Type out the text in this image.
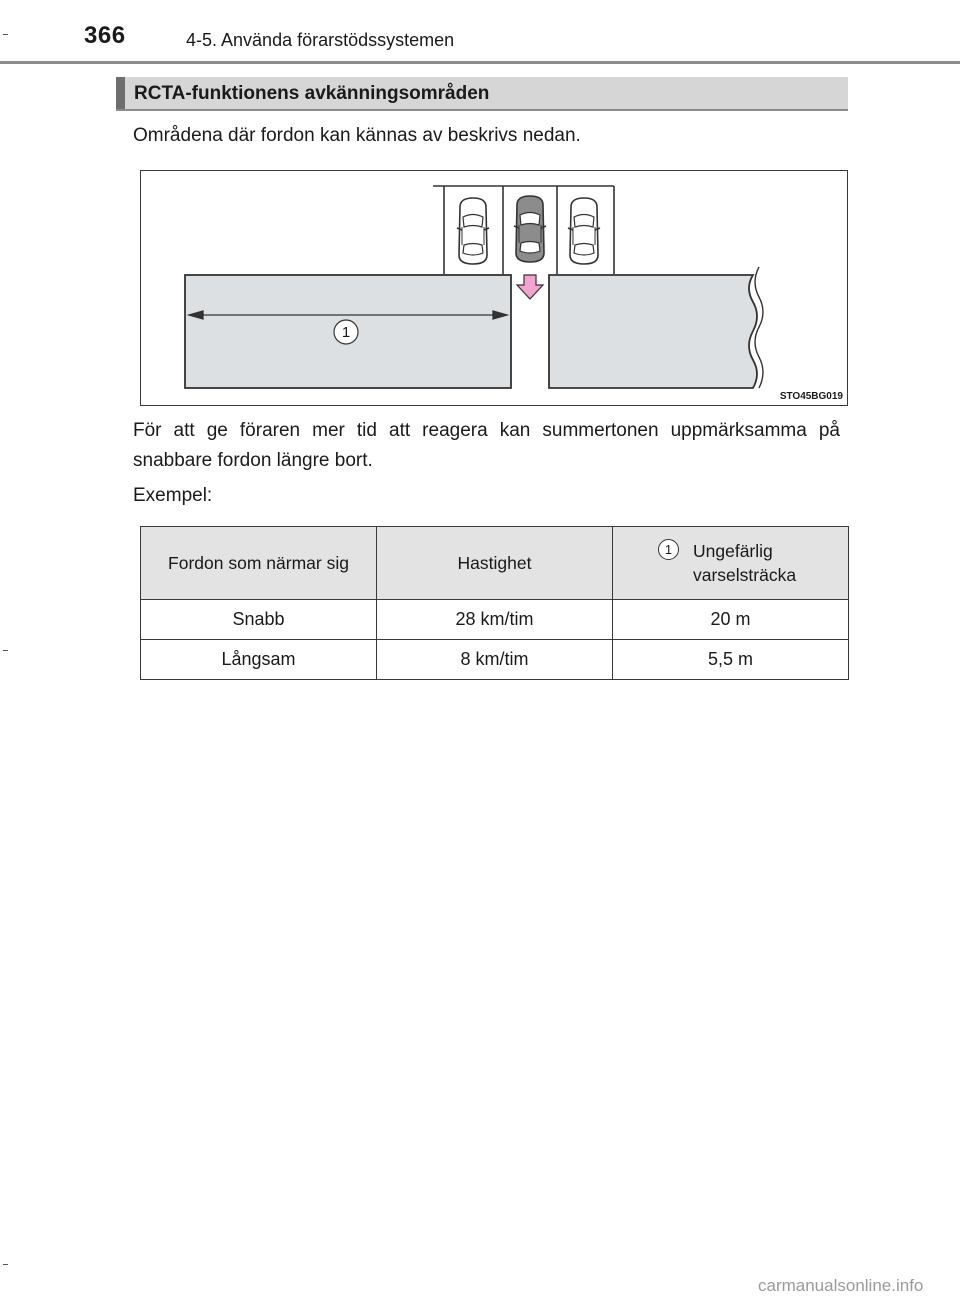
366	4-5. Använda förarstödssystemen
RCTA-funktionens avkänningsområden
Områdena där fordon kan kännas av beskrivs nedan.
1
STO45BG019
För att ge föraren mer tid att reagera kan summertonen uppmärksamma på snabbare fordon längre bort.
Exempel:
Fordon som närmar sig	Hastighet	1 Ungefärlig
varselsträcka
Snabb	28 km/tim	20 m
Långsam	8 km/tim	5,5 m
carmanualsonline.info
